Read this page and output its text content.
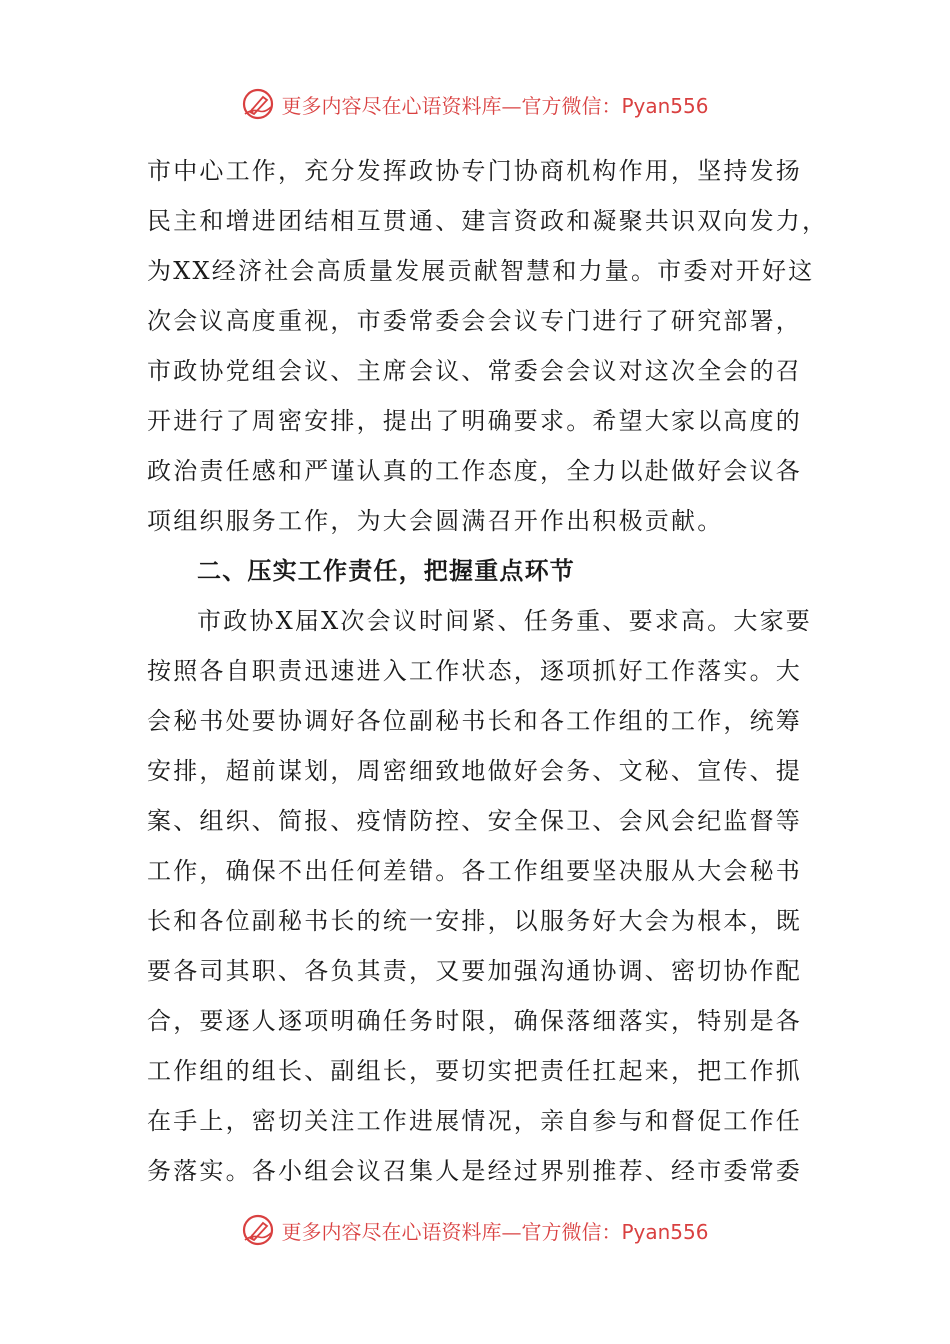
更多内容尽在心语资料库—官方微信：Pyan556
市中心工作，充分发挥政协专门协商机构作用，坚持发扬
民主和增进团结相互贯通、建言资政和凝聚共识双向发力，
为XX经济社会高质量发展贡献智慧和力量。市委对开好这
次会议高度重视，市委常委会会议专门进行了研究部署，
市政协党组会议、主席会议、常委会会议对这次全会的召
开进行了周密安排，提出了明确要求。希望大家以高度的
政治责任感和严谨认真的工作态度，全力以赴做好会议各
项组织服务工作，为大会圆满召开作出积极贡献。
二、压实工作责任，把握重点环节
市政协X届X次会议时间紧、任务重、要求高。大家要
按照各自职责迅速进入工作状态，逐项抓好工作落实。大
会秘书处要协调好各位副秘书长和各工作组的工作，统筹
安排，超前谋划，周密细致地做好会务、文秘、宣传、提
案、组织、简报、疫情防控、安全保卫、会风会纪监督等
工作，确保不出任何差错。各工作组要坚决服从大会秘书
长和各位副秘书长的统一安排，以服务好大会为根本，既
要各司其职、各负其责，又要加强沟通协调、密切协作配
合，要逐人逐项明确任务时限，确保落细落实，特别是各
工作组的组长、副组长，要切实把责任扛起来，把工作抓
在手上，密切关注工作进展情况，亲自参与和督促工作任
务落实。各小组会议召集人是经过界别推荐、经市委常委
更多内容尽在心语资料库—官方微信：Pyan556
